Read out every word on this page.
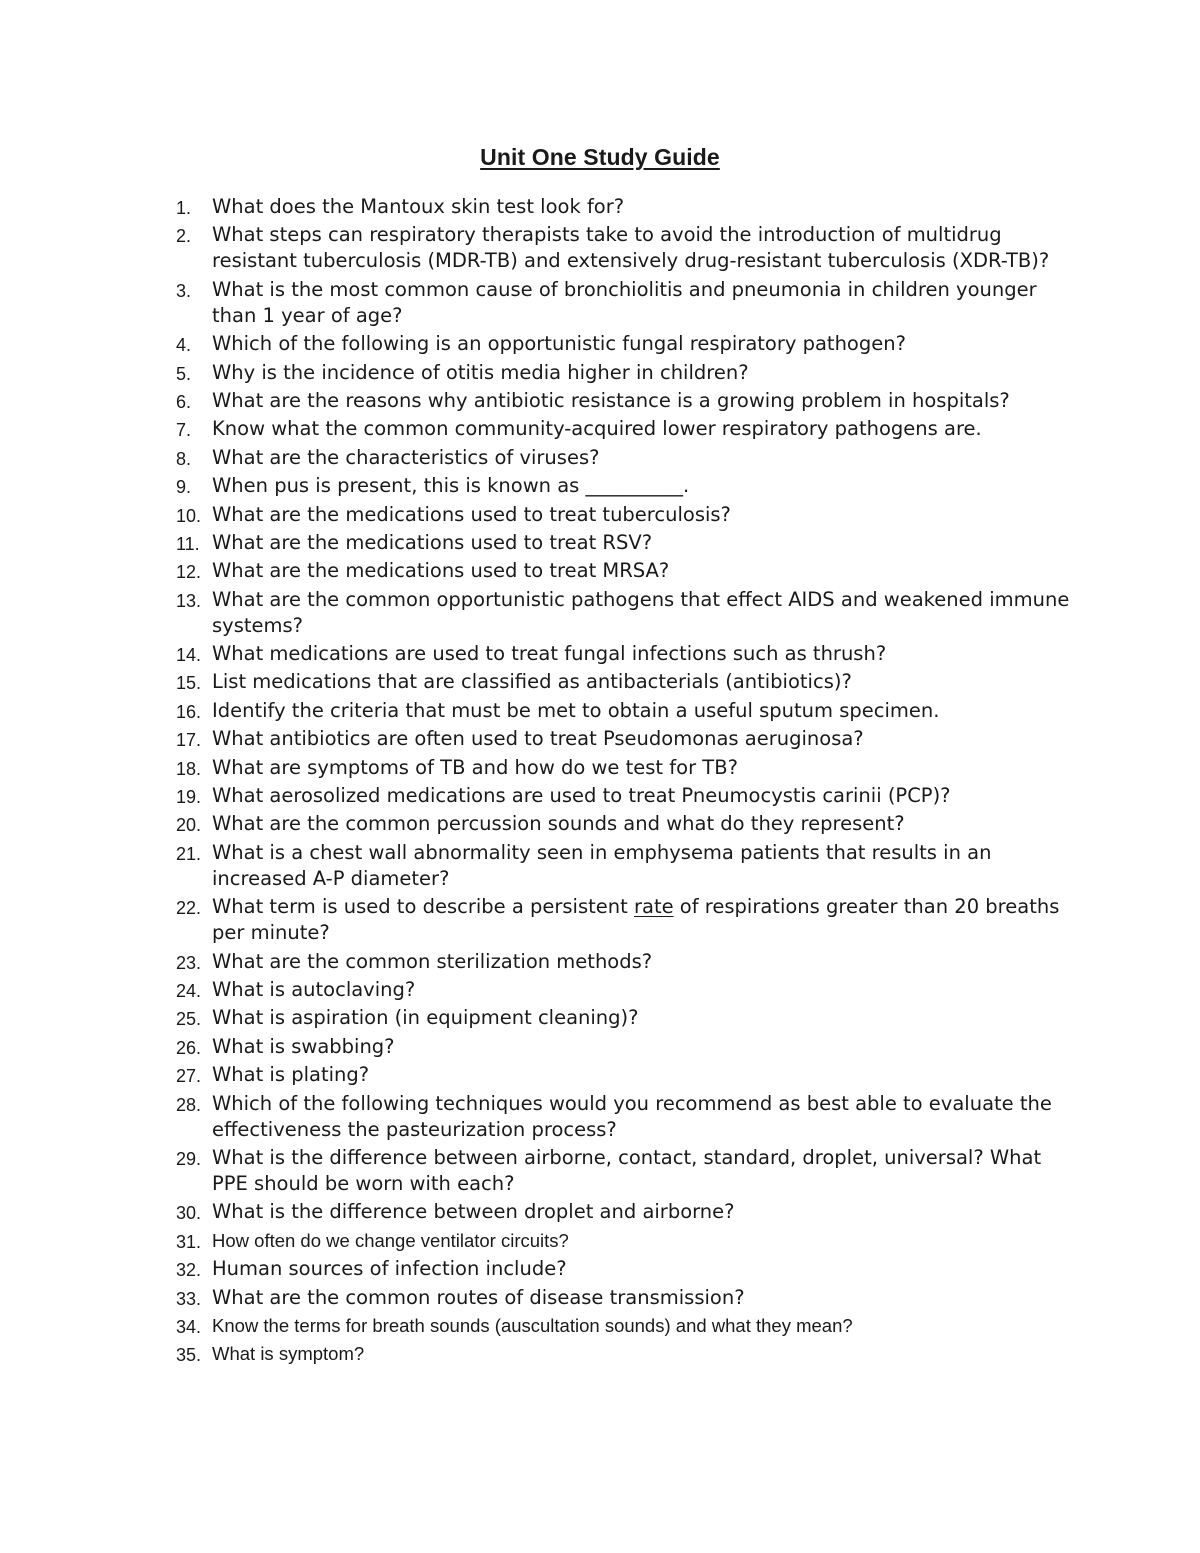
Unit One Study Guide
1.	What does the Mantoux skin test look for?
2.	What steps can respiratory therapists take to avoid the introduction of multidrug resistant tuberculosis (MDR-TB) and extensively drug-resistant tuberculosis (XDR-TB)?
3.	What is the most common cause of bronchiolitis and pneumonia in children younger than 1 year of age?
4.	Which of the following is an opportunistic fungal respiratory pathogen?
5.	Why is the incidence of otitis media higher in children?
6.	What are the reasons why antibiotic resistance is a growing problem in hospitals?
7.	Know what the common community-acquired lower respiratory pathogens are.
8.	What are the characteristics of viruses?
9.	When pus is present, this is known as __________.
10. What are the medications used to treat tuberculosis?
11. What are the medications used to treat RSV?
12. What are the medications used to treat MRSA?
13. What are the common opportunistic pathogens that effect AIDS and weakened immune systems?
14. What medications are used to treat fungal infections such as thrush?
15. List medications that are classified as antibacterials (antibiotics)?
16. Identify the criteria that must be met to obtain a useful sputum specimen.
17. What antibiotics are often used to treat Pseudomonas aeruginosa?
18. What are symptoms of TB and how do we test for TB?
19. What aerosolized medications are used to treat Pneumocystis carinii (PCP)?
20. What are the common percussion sounds and what do they represent?
21. What is a chest wall abnormality seen in emphysema patients that results in an increased A-P diameter?
22. What term is used to describe a persistent rate of respirations greater than 20 breaths per minute?
23. What are the common sterilization methods?
24. What is autoclaving?
25. What is aspiration (in equipment cleaning)?
26. What is swabbing?
27. What is plating?
28. Which of the following techniques would you recommend as best able to evaluate the effectiveness the pasteurization process?
29. What is the difference between airborne, contact, standard, droplet, universal? What PPE should be worn with each?
30. What is the difference between droplet and airborne?
31. How often do we change ventilator circuits?
32. Human sources of infection include?
33. What are the common routes of disease transmission?
34. Know the terms for breath sounds (auscultation sounds) and what they mean?
35. What is symptom?
